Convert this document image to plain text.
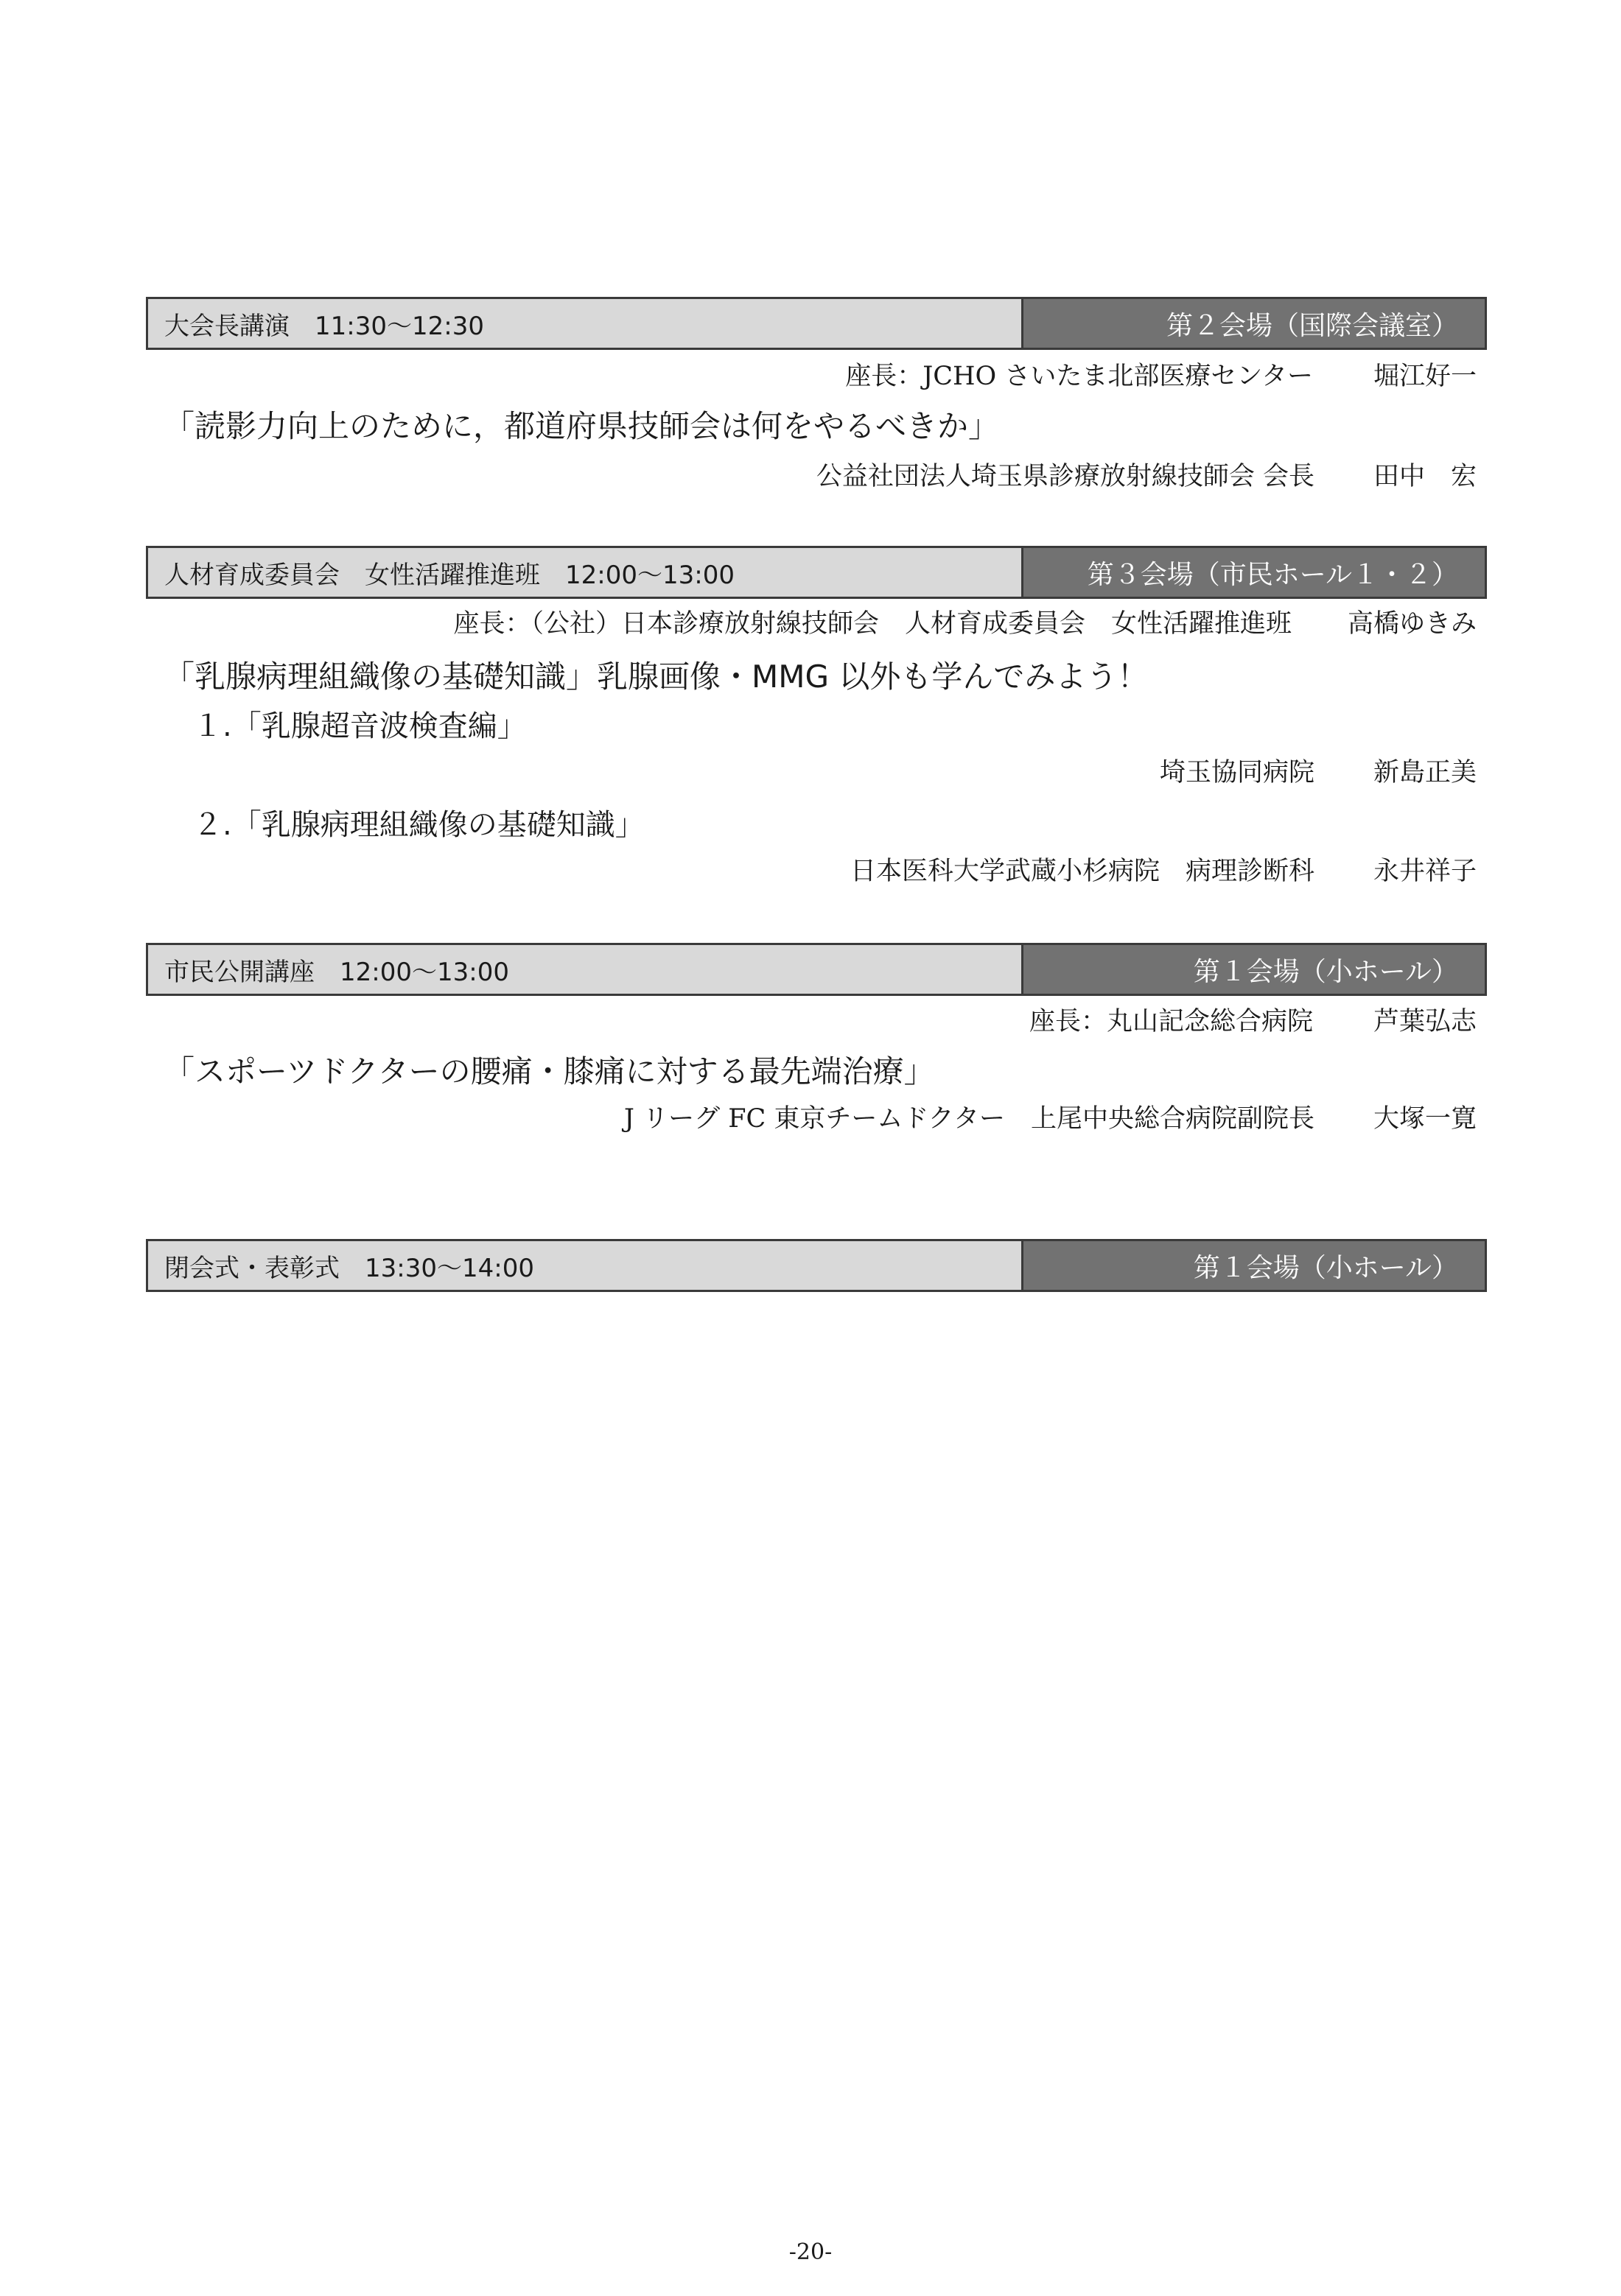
大会長講演　11:30〜12:30	第２会場（国際会議室）
座長：JCHO さいたま北部医療センター 堀江好一
「読影力向上のために，都道府県技師会は何をやるべきか」
公益社団法人埼玉県診療放射線技師会 会長 田中　宏
人材育成委員会　女性活躍推進班　12:00〜13:00	第３会場（市民ホール１・２）
座長：（公社）日本診療放射線技師会　人材育成委員会　女性活躍推進班 高橋ゆきみ
「乳腺病理組織像の基礎知識」乳腺画像・MMG 以外も学んでみよう！
１.「乳腺超音波検査編」
埼玉協同病院 新島正美
２.「乳腺病理組織像の基礎知識」
日本医科大学武蔵小杉病院　病理診断科 永井祥子
市民公開講座　12:00〜13:00	第１会場（小ホール）
座長：丸山記念総合病院 芦葉弘志
「スポーツドクターの腰痛・膝痛に対する最先端治療」
J リーグ FC 東京チームドクター　上尾中央総合病院副院長 大塚一寛
閉会式・表彰式　13:30〜14:00	第１会場（小ホール）
-20-
